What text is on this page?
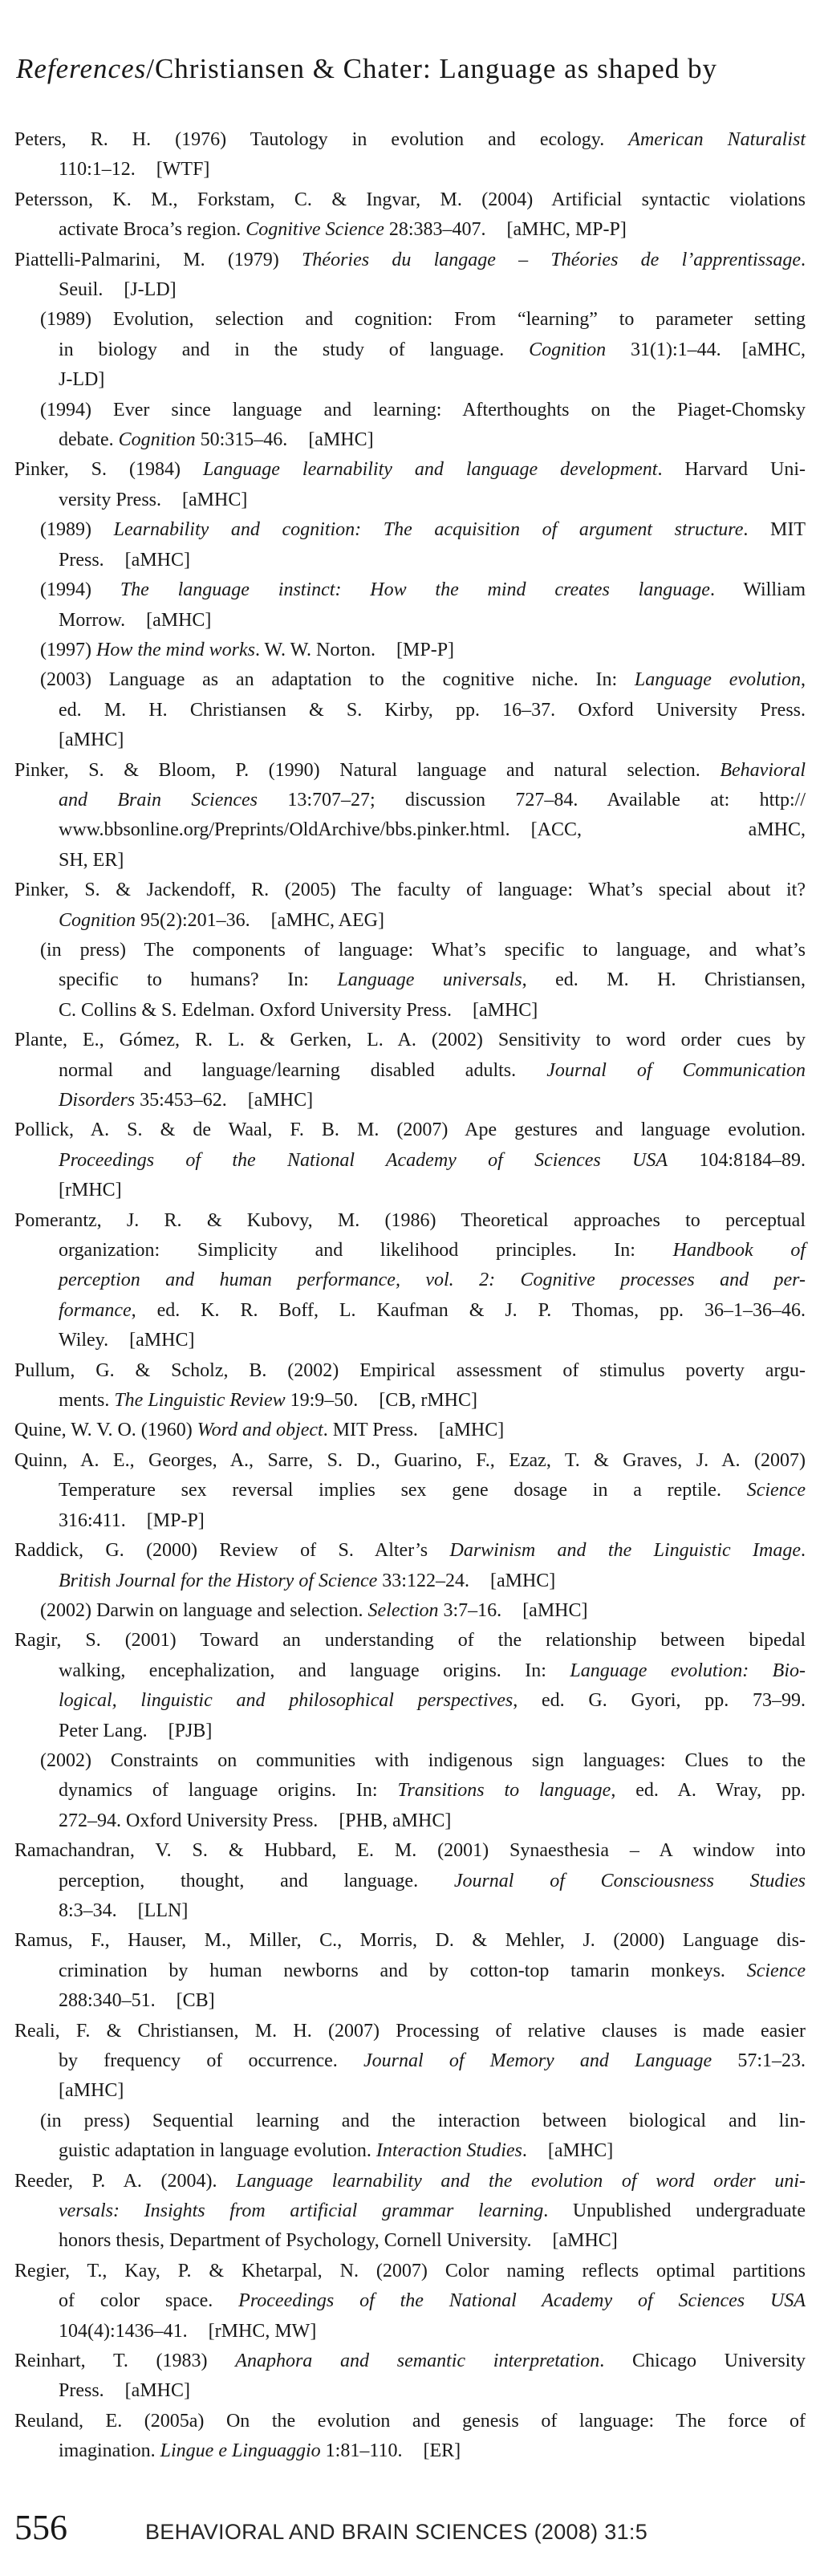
References/Christiansen & Chater: Language as shaped by
Peters, R. H. (1976) Tautology in evolution and ecology. American Naturalist
110:1–12. [WTF]
Petersson, K. M., Forkstam, C. & Ingvar, M. (2004) Artificial syntactic violations
activate Broca’s region. Cognitive Science 28:383–407. [aMHC, MP-P]
Piattelli-Palmarini, M. (1979) Théories du langage – Théories de l’apprentissage.
Seuil. [J-LD]
(1989) Evolution, selection and cognition: From “learning” to parameter setting
in biology and in the study of language. Cognition 31(1):1–44. [aMHC,
J-LD]
(1994) Ever since language and learning: Afterthoughts on the Piaget-Chomsky
debate. Cognition 50:315–46. [aMHC]
Pinker, S. (1984) Language learnability and language development. Harvard Uni-
versity Press. [aMHC]
(1989) Learnability and cognition: The acquisition of argument structure. MIT
Press. [aMHC]
(1994) The language instinct: How the mind creates language. William
Morrow. [aMHC]
(1997) How the mind works. W. W. Norton. [MP-P]
(2003) Language as an adaptation to the cognitive niche. In: Language evolution,
ed. M. H. Christiansen & S. Kirby, pp. 16–37. Oxford University Press.
[aMHC]
Pinker, S. & Bloom, P. (1990) Natural language and natural selection. Behavioral
and Brain Sciences 13:707–27; discussion 727–84. Available at: http://
www.bbsonline.org/Preprints/OldArchive/bbs.pinker.html. [ACC, aMHC,
SH, ER]
Pinker, S. & Jackendoff, R. (2005) The faculty of language: What’s special about it?
Cognition 95(2):201–36. [aMHC, AEG]
(in press) The components of language: What’s specific to language, and what’s
specific to humans? In: Language universals, ed. M. H. Christiansen,
C. Collins & S. Edelman. Oxford University Press. [aMHC]
Plante, E., Gómez, R. L. & Gerken, L. A. (2002) Sensitivity to word order cues by
normal and language/learning disabled adults. Journal of Communication
Disorders 35:453–62. [aMHC]
Pollick, A. S. & de Waal, F. B. M. (2007) Ape gestures and language evolution.
Proceedings of the National Academy of Sciences USA 104:8184–89.
[rMHC]
Pomerantz, J. R. & Kubovy, M. (1986) Theoretical approaches to perceptual
organization: Simplicity and likelihood principles. In: Handbook of
perception and human performance, vol. 2: Cognitive processes and per-
formance, ed. K. R. Boff, L. Kaufman & J. P. Thomas, pp. 36–1–36–46.
Wiley. [aMHC]
Pullum, G. & Scholz, B. (2002) Empirical assessment of stimulus poverty argu-
ments. The Linguistic Review 19:9–50. [CB, rMHC]
Quine, W. V. O. (1960) Word and object. MIT Press. [aMHC]
Quinn, A. E., Georges, A., Sarre, S. D., Guarino, F., Ezaz, T. & Graves, J. A. (2007)
Temperature sex reversal implies sex gene dosage in a reptile. Science
316:411. [MP-P]
Raddick, G. (2000) Review of S. Alter’s Darwinism and the Linguistic Image.
British Journal for the History of Science 33:122–24. [aMHC]
(2002) Darwin on language and selection. Selection 3:7–16. [aMHC]
Ragir, S. (2001) Toward an understanding of the relationship between bipedal
walking, encephalization, and language origins. In: Language evolution: Bio-
logical, linguistic and philosophical perspectives, ed. G. Gyori, pp. 73–99.
Peter Lang. [PJB]
(2002) Constraints on communities with indigenous sign languages: Clues to the
dynamics of language origins. In: Transitions to language, ed. A. Wray, pp.
272–94. Oxford University Press. [PHB, aMHC]
Ramachandran, V. S. & Hubbard, E. M. (2001) Synaesthesia – A window into
perception, thought, and language. Journal of Consciousness Studies
8:3–34. [LLN]
Ramus, F., Hauser, M., Miller, C., Morris, D. & Mehler, J. (2000) Language dis-
crimination by human newborns and by cotton-top tamarin monkeys. Science
288:340–51. [CB]
Reali, F. & Christiansen, M. H. (2007) Processing of relative clauses is made easier
by frequency of occurrence. Journal of Memory and Language 57:1–23.
[aMHC]
(in press) Sequential learning and the interaction between biological and lin-
guistic adaptation in language evolution. Interaction Studies. [aMHC]
Reeder, P. A. (2004). Language learnability and the evolution of word order uni-
versals: Insights from artificial grammar learning. Unpublished undergraduate
honors thesis, Department of Psychology, Cornell University. [aMHC]
Regier, T., Kay, P. & Khetarpal, N. (2007) Color naming reflects optimal partitions
of color space. Proceedings of the National Academy of Sciences USA
104(4):1436–41. [rMHC, MW]
Reinhart, T. (1983) Anaphora and semantic interpretation. Chicago University
Press. [aMHC]
Reuland, E. (2005a) On the evolution and genesis of language: The force of
imagination. Lingue e Linguaggio 1:81–110. [ER]
556	BEHAVIORAL AND BRAIN SCIENCES (2008) 31:5
